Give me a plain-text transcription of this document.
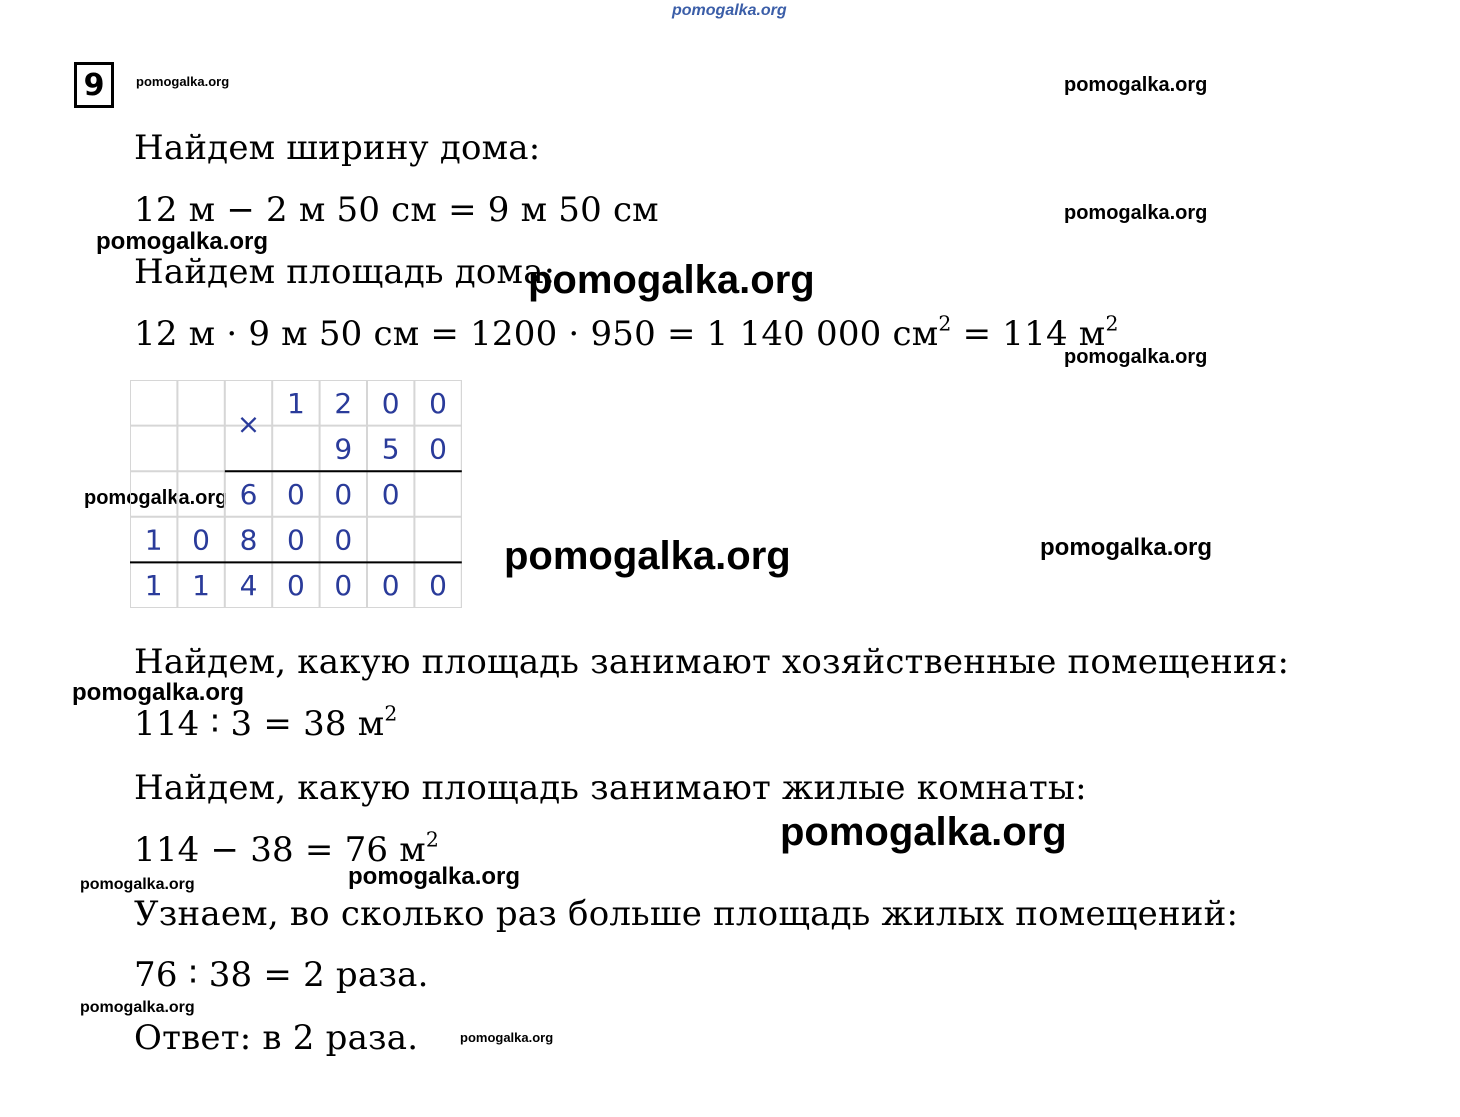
pomogalka.org
9 pomogalka.org	pomogalka.org
pomogalka.org
pomogalka.org
pomogalka.org
pomogalka.org
pomogalka.org
pomogalka.org	pomogalka.org
pomogalka.org
pomogalka.org
pomogalka.org
pomogalka.org
pomogalka.org
pomogalka.org
Найдем ширину дома:
12 м − 2 м 50 см = 9 м 50 см
Найдем площадь дома:
12 м · 9 м 50 см = 1200 · 950 = 1 140 000 $см^2 = 114$ $м^2$
×
1 2 0 0
9 5 0
6 0 0 0
1 0 8 0 0
1 1 4 0 0 0 0
Найдем, какую площадь занимают хозяйственные помещения:
114 ∶ 3 = 38 $м^2$
Найдем, какую площадь занимают жилые комнаты:
114 − 38 = 76 $м^2$
Узнаем, во сколько раз больше площадь жилых помещений:
76 ∶ 38 = 2 раза.
Ответ: в 2 раза.
